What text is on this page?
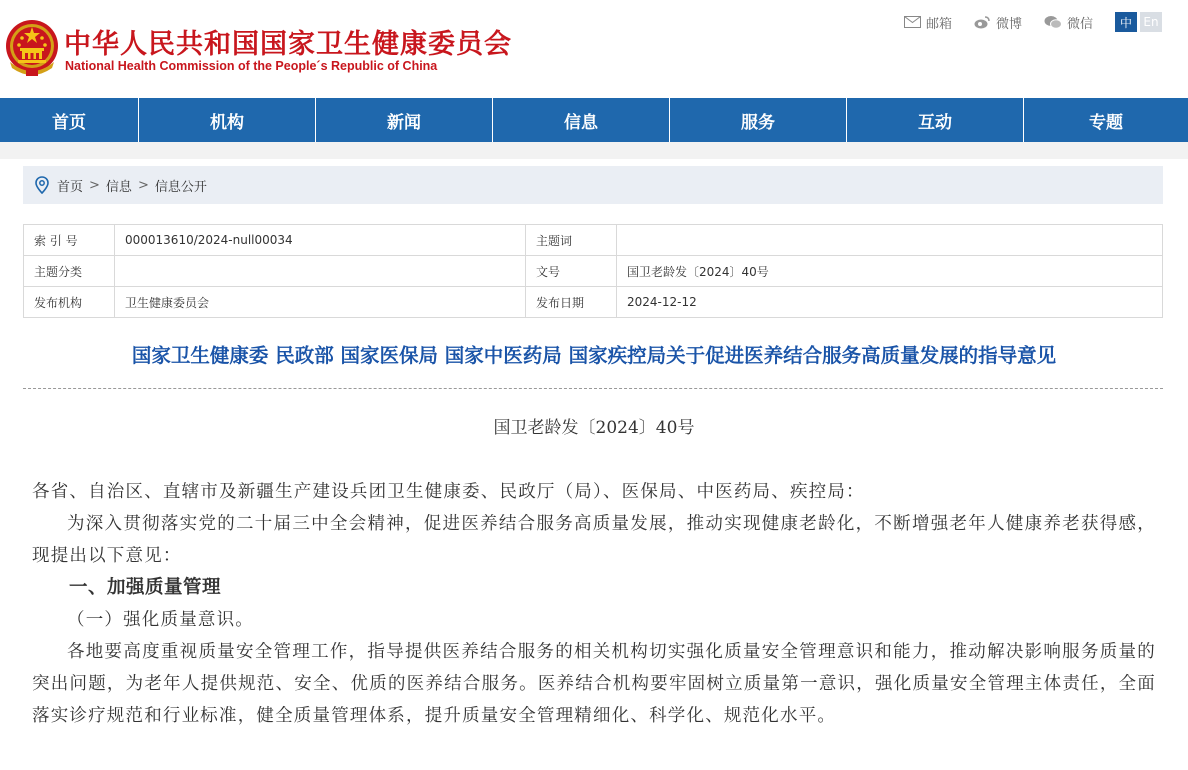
中华人民共和国国家卫生健康委员会
National Health Commission of the People´s Republic of China
邮箱	微博	微信	中 En
首页	机构	新闻	信息	服务	互动	专题
首页 > 信息 > 信息公开
索 引 号	000013610/2024-null00034	主题词	
主题分类		文号	国卫老龄发〔2024〕40号
发布机构	卫生健康委员会	发布日期	2024-12-12
国家卫生健康委 民政部 国家医保局 国家中医药局 国家疾控局关于促进医养结合服务高质量发展的指导意见
国卫老龄发〔2024〕40号

各省、自治区、直辖市及新疆生产建设兵团卫生健康委、民政厅（局）、医保局、中医药局、疾控局：

为深入贯彻落实党的二十届三中全会精神，促进医养结合服务高质量发展，推动实现健康老龄化，不断增强老年人健康养老获得感，现提出以下意见：

一、加强质量管理

（一）强化质量意识。

各地要高度重视质量安全管理工作，指导提供医养结合服务的相关机构切实强化质量安全管理意识和能力，推动解决影响服务质量的突出问题，为老年人提供规范、安全、优质的医养结合服务。医养结合机构要牢固树立质量第一意识，强化质量安全管理主体责任，全面落实诊疗规范和行业标准，健全质量管理体系，提升质量安全管理精细化、科学化、规范化水平。
